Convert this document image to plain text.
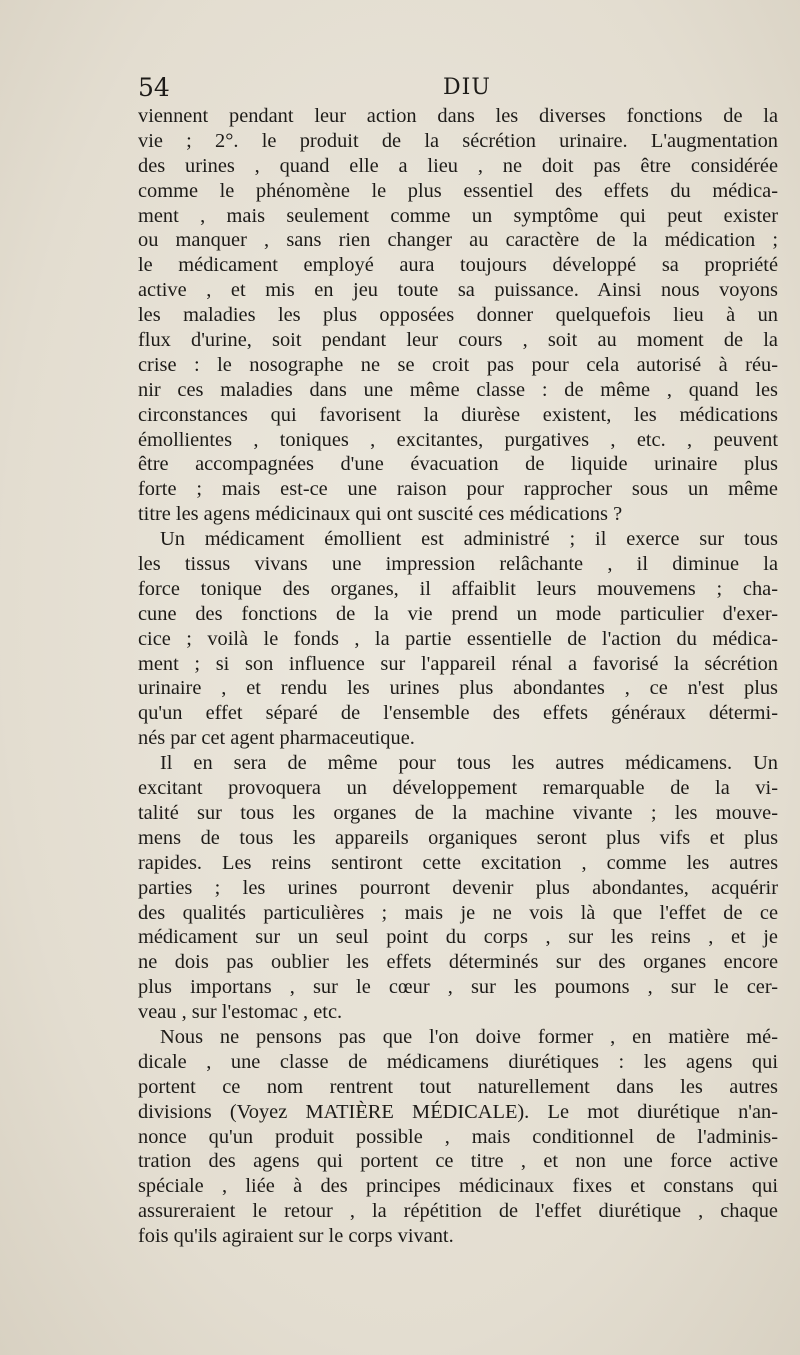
54	DIU
viennent pendant leur action dans les diverses fonctions de la
vie ; 2°. le produit de la sécrétion urinaire. L'augmentation
des urines , quand elle a lieu , ne doit pas être considérée
comme le phénomène le plus essentiel des effets du médica-
ment , mais seulement comme un symptôme qui peut exister
ou manquer , sans rien changer au caractère de la médication ;
le médicament employé aura toujours développé sa propriété
active , et mis en jeu toute sa puissance. Ainsi nous voyons
les maladies les plus opposées donner quelquefois lieu à un
flux d'urine, soit pendant leur cours , soit au moment de la
crise : le nosographe ne se croit pas pour cela autorisé à réu-
nir ces maladies dans une même classe : de même , quand les
circonstances qui favorisent la diurèse existent, les médications
émollientes , toniques , excitantes, purgatives , etc. , peuvent
être accompagnées d'une évacuation de liquide urinaire plus
forte ; mais est-ce une raison pour rapprocher sous un même
titre les agens médicinaux qui ont suscité ces médications ?
Un médicament émollient est administré ; il exerce sur tous
les tissus vivans une impression relâchante , il diminue la
force tonique des organes, il affaiblit leurs mouvemens ; cha-
cune des fonctions de la vie prend un mode particulier d'exer-
cice ; voilà le fonds , la partie essentielle de l'action du médica-
ment ; si son influence sur l'appareil rénal a favorisé la sécrétion
urinaire , et rendu les urines plus abondantes , ce n'est plus
qu'un effet séparé de l'ensemble des effets généraux détermi-
nés par cet agent pharmaceutique.
Il en sera de même pour tous les autres médicamens. Un
excitant provoquera un développement remarquable de la vi-
talité sur tous les organes de la machine vivante ; les mouve-
mens de tous les appareils organiques seront plus vifs et plus
rapides. Les reins sentiront cette excitation , comme les autres
parties ; les urines pourront devenir plus abondantes, acquérir
des qualités particulières ; mais je ne vois là que l'effet de ce
médicament sur un seul point du corps , sur les reins , et je
ne dois pas oublier les effets déterminés sur des organes encore
plus importans , sur le cœur , sur les poumons , sur le cer-
veau , sur l'estomac , etc.
Nous ne pensons pas que l'on doive former , en matière mé-
dicale , une classe de médicamens diurétiques : les agens qui
portent ce nom rentrent tout naturellement dans les autres
divisions (Voyez MATIÈRE MÉDICALE). Le mot diurétique n'an-
nonce qu'un produit possible , mais conditionnel de l'adminis-
tration des agens qui portent ce titre , et non une force active
spéciale , liée à des principes médicinaux fixes et constans qui
assureraient le retour , la répétition de l'effet diurétique , chaque
fois qu'ils agiraient sur le corps vivant.
